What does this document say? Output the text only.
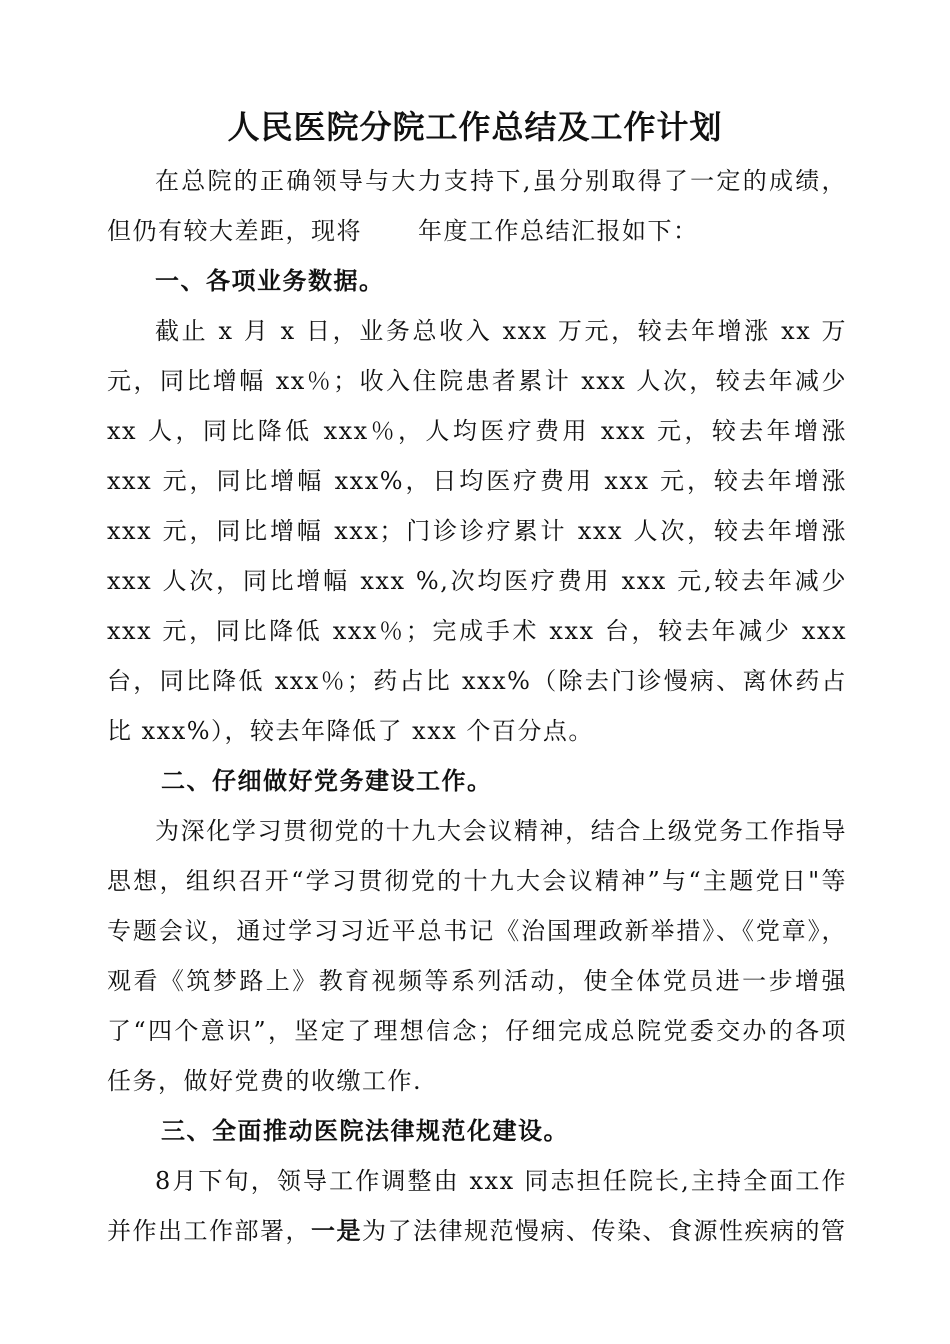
人民医院分院工作总结及工作计划

在总院的正确领导与大力支持下,虽分别取得了一定的成绩，但仍有较大差距，现将 年度工作总结汇报如下：

一、各项业务数据。

截止 x 月 x 日，业务总收入 xxx 万元，较去年增涨 xx 万元，同比增幅 xx％；收入住院患者累计 xxx 人次，较去年减少 xx 人，同比降低 xxx％，人均医疗费用 xxx 元，较去年增涨 xxx 元，同比增幅 xxx%，日均医疗费用 xxx 元，较去年增涨 xxx 元，同比增幅 xxx；门诊诊疗累计 xxx 人次，较去年增涨 xxx 人次，同比增幅 xxx %,次均医疗费用 xxx 元,较去年减少 xxx 元，同比降低 xxx％；完成手术 xxx 台，较去年减少 xxx 台，同比降低 xxx％；药占比 xxx%（除去门诊慢病、离休药占比 xxx%），较去年降低了 xxx 个百分点。

二、仔细做好党务建设工作。

为深化学习贯彻党的十九大会议精神，结合上级党务工作指导思想，组织召开“学习贯彻党的十九大会议精神”与“主题党日"等专题会议，通过学习习近平总书记《治国理政新举措》、《党章》，观看《筑梦路上》教育视频等系列活动，使全体党员进一步增强了“四个意识”，坚定了理想信念；仔细完成总院党委交办的各项任务，做好党费的收缴工作.

三、全面推动医院法律规范化建设。

8月下旬，领导工作调整由 xxx 同志担任院长,主持全面工作并作出工作部署，一是为了法律规范慢病、传染、食源性疾病的管
